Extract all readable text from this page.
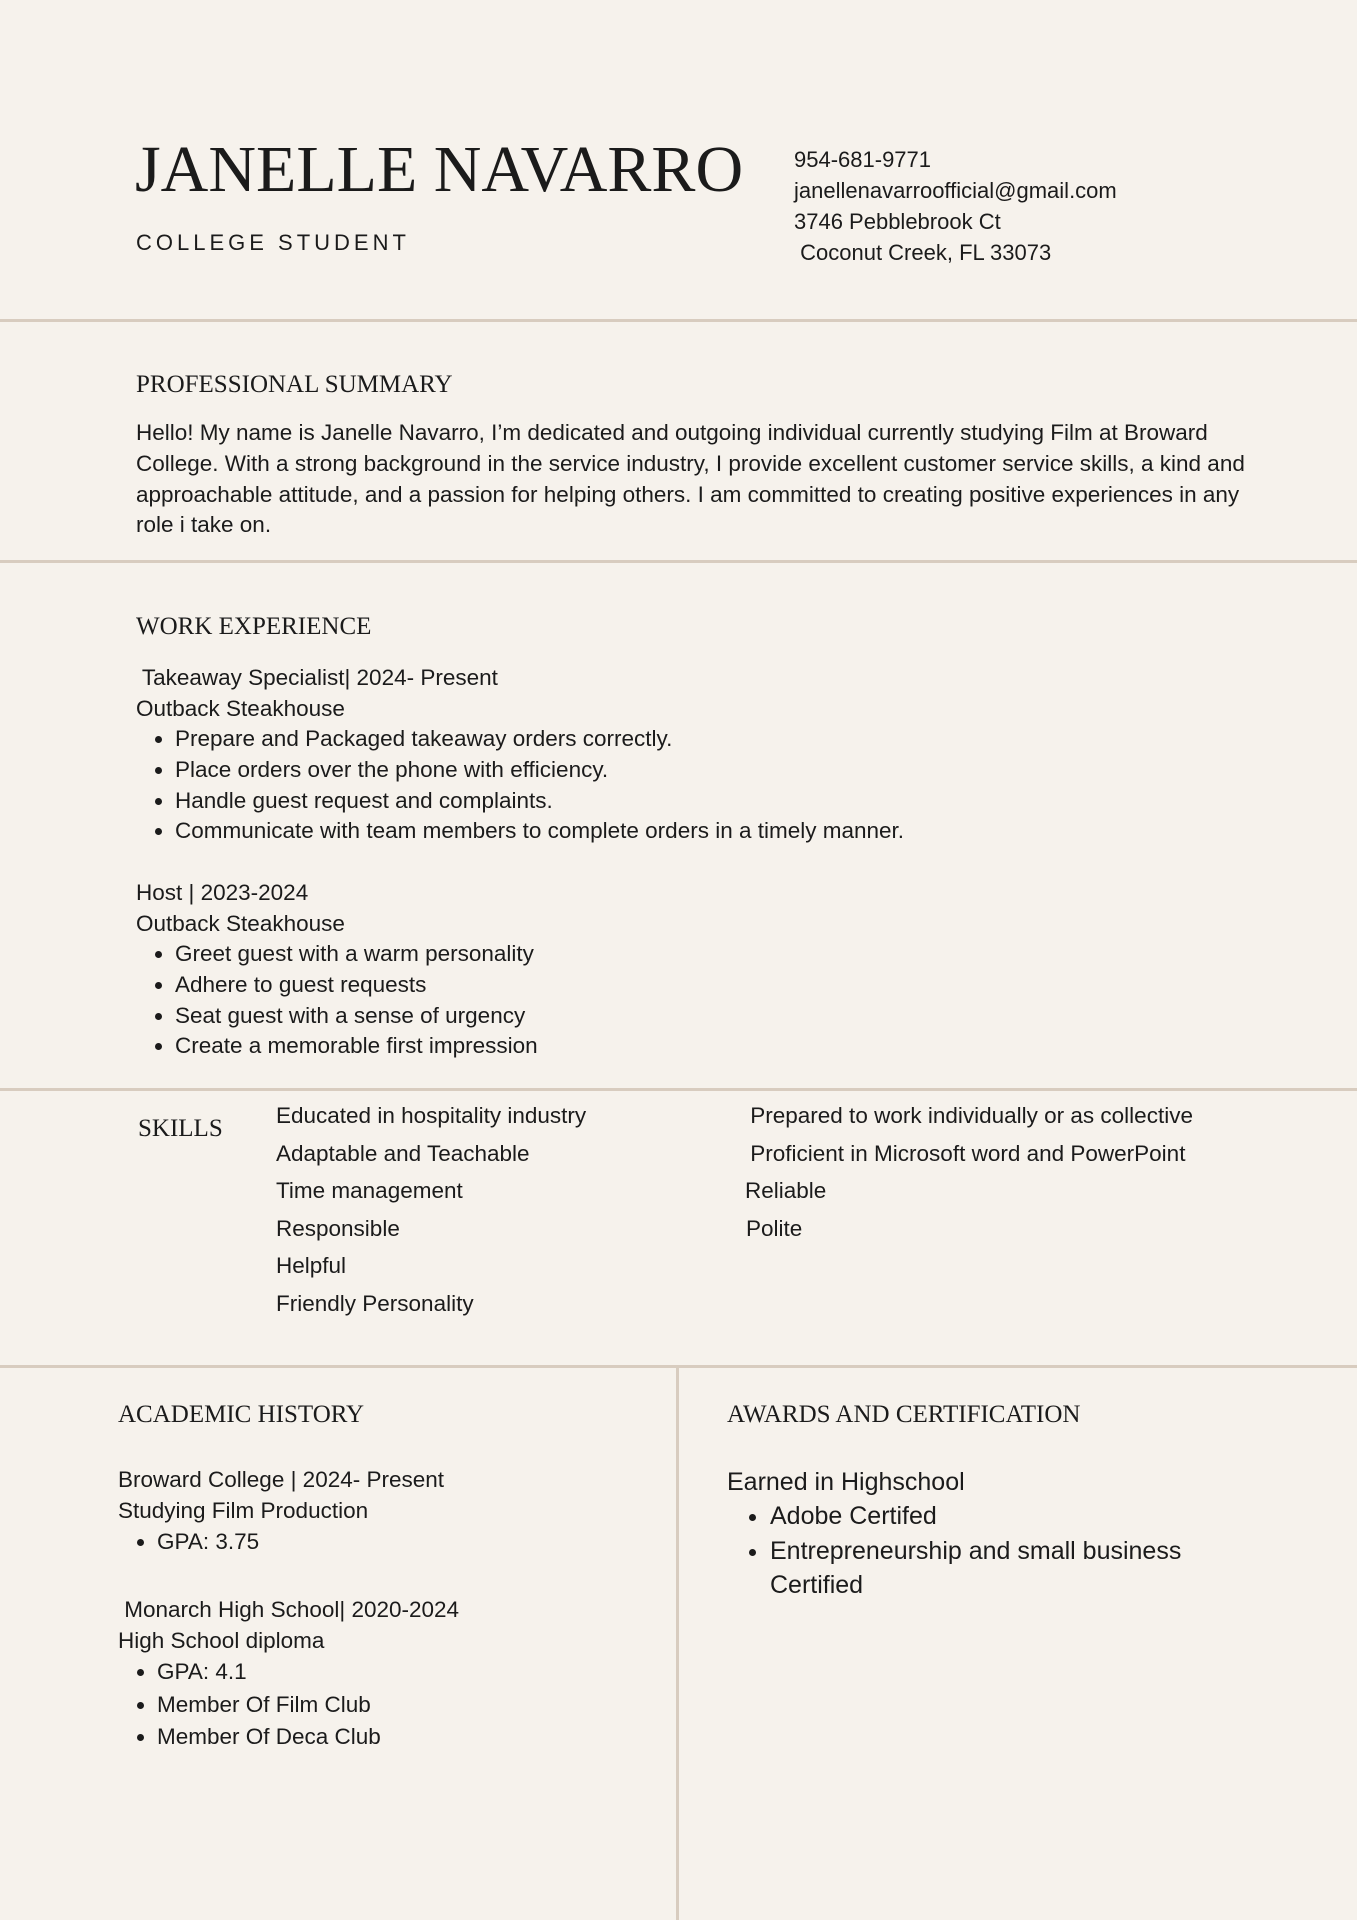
JANELLE NAVARRO
COLLEGE STUDENT
954-681-9771
janellenavarroofficial@gmail.com
3746 Pebblebrook Ct
Coconut Creek, FL 33073
PROFESSIONAL SUMMARY
Hello! My name is Janelle Navarro, I’m dedicated and outgoing individual currently studying Film at Broward College. With a strong background in the service industry, I provide excellent customer service skills, a kind and approachable attitude, and a passion for helping others. I am committed to creating positive experiences in any role i take on.
WORK EXPERIENCE
Takeaway Specialist| 2024- Present
Outback Steakhouse
• Prepare and Packaged takeaway orders correctly.
• Place orders over the phone with efficiency.
• Handle guest request and complaints.
• Communicate with team members to complete orders in a timely manner.
Host | 2023-2024
Outback Steakhouse
• Greet guest with a warm personality
• Adhere to guest requests
• Seat guest with a sense of urgency
• Create a memorable first impression
SKILLS Educated in hospitality industry
Adaptable and Teachable
Time management
Responsible
Helpful
Friendly Personality
Prepared to work individually or as collective
Proficient in Microsoft word and PowerPoint
Reliable
Polite
ACADEMIC HISTORY
Broward College | 2024- Present
Studying Film Production
• GPA: 3.75
Monarch High School| 2020-2024
High School diploma
• GPA: 4.1
• Member Of Film Club
• Member Of Deca Club
AWARDS AND CERTIFICATION
Earned in Highschool
• Adobe Certifed
• Entrepreneurship and small business Certified
